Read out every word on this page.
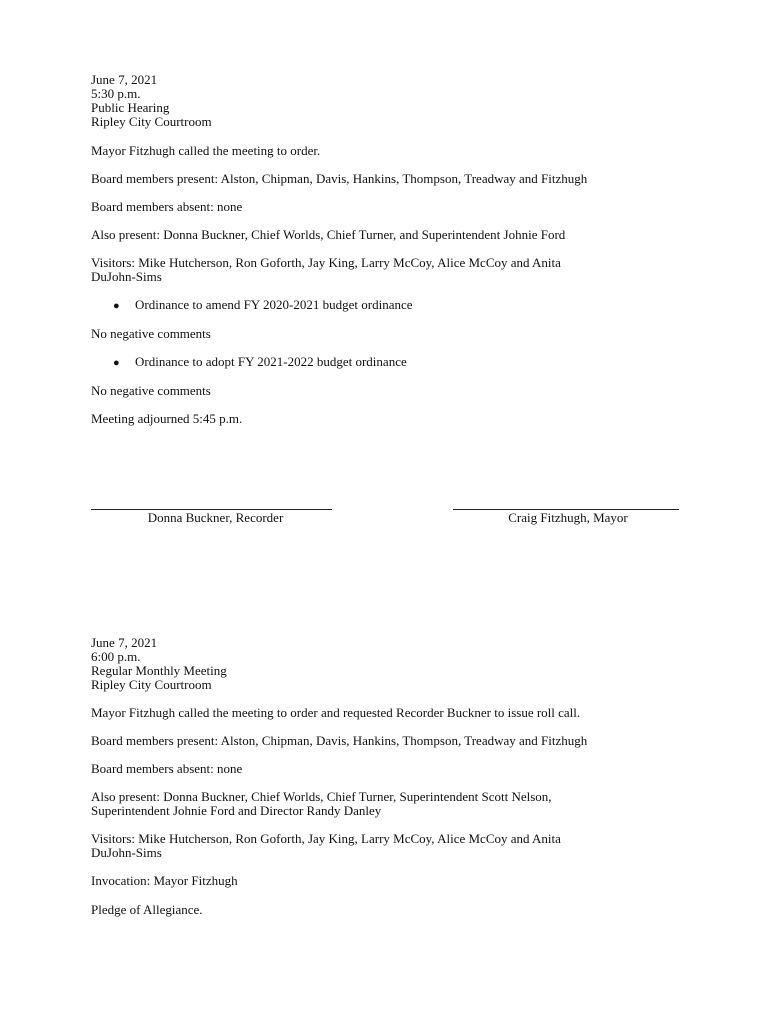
June 7, 2021

5:30 p.m.

Public Hearing

Ripley City Courtroom

Mayor Fitzhugh called the meeting to order.

Board members present: Alston, Chipman, Davis, Hankins, Thompson, Treadway and Fitzhugh

Board members absent: none

Also present: Donna Buckner, Chief Worlds, Chief Turner, and Superintendent Johnie Ford

Visitors: Mike Hutcherson, Ron Goforth, Jay King, Larry McCoy, Alice McCoy and Anita

DuJohn-Sims

●	Ordinance to amend FY 2020-2021 budget ordinance

No negative comments

●	Ordinance to adopt FY 2021-2022 budget ordinance

No negative comments

Meeting adjourned 5:45 p.m.

Donna Buckner, Recorder	Craig Fitzhugh, Mayor

June 7, 2021

6:00 p.m.

Regular Monthly Meeting

Ripley City Courtroom

Mayor Fitzhugh called the meeting to order and requested Recorder Buckner to issue roll call.

Board members present: Alston, Chipman, Davis, Hankins, Thompson, Treadway and Fitzhugh

Board members absent: none

Also present: Donna Buckner, Chief Worlds, Chief Turner, Superintendent Scott Nelson,

Superintendent Johnie Ford and Director Randy Danley

Visitors: Mike Hutcherson, Ron Goforth, Jay King, Larry McCoy, Alice McCoy and Anita

DuJohn-Sims

Invocation: Mayor Fitzhugh

Pledge of Allegiance.
